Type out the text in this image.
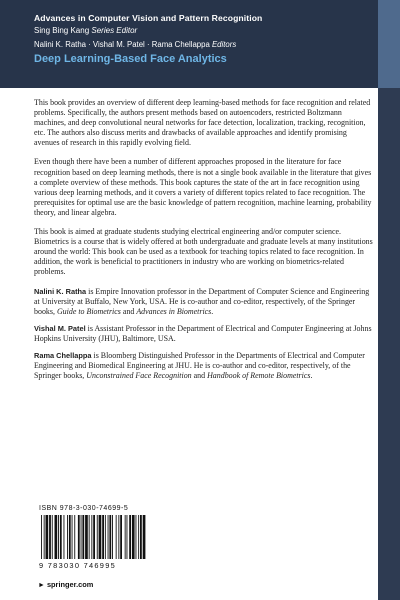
Advances in Computer Vision and Pattern Recognition
Sing Bing Kang Series Editor
Nalini K. Ratha · Vishal M. Patel · Rama Chellappa Editors
Deep Learning-Based Face Analytics

This book provides an overview of different deep learning-based methods for face recognition and related problems. Specifically, the authors present methods based on autoencoders, restricted Boltzmann machines, and deep convolutional neural networks for face detection, localization, tracking, recognition, etc. The authors also discuss merits and drawbacks of available approaches and identify promising avenues of research in this rapidly evolving field.

Even though there have been a number of different approaches proposed in the literature for face recognition based on deep learning methods, there is not a single book available in the literature that gives a complete overview of these methods. This book captures the state of the art in face recognition using various deep learning methods, and it covers a variety of different topics related to face recognition. The prerequisites for optimal use are the basic knowledge of pattern recognition, machine learning, probability theory, and linear algebra.

This book is aimed at graduate students studying electrical engineering and/or computer science. Biometrics is a course that is widely offered at both undergraduate and graduate levels at many institutions around the world: This book can be used as a textbook for teaching topics related to face recognition. In addition, the work is beneficial to practitioners in industry who are working on biometrics-related problems.

Nalini K. Ratha is Empire Innovation professor in the Department of Computer Science and Engineering at University at Buffalo, New York, USA. He is co-author and co-editor, respectively, of the Springer books, Guide to Biometrics and Advances in Biometrics.

Vishal M. Patel is Assistant Professor in the Department of Electrical and Computer Engineering at Johns Hopkins University (JHU), Baltimore, USA.

Rama Chellappa is Bloomberg Distinguished Professor in the Departments of Electrical and Computer Engineering and Biomedical Engineering at JHU. He is co-author and co-editor, respectively, of the Springer books, Unconstrained Face Recognition and Handbook of Remote Biometrics.

ISBN 978-3-030-74699-5
9 783030 746995
► springer.com
